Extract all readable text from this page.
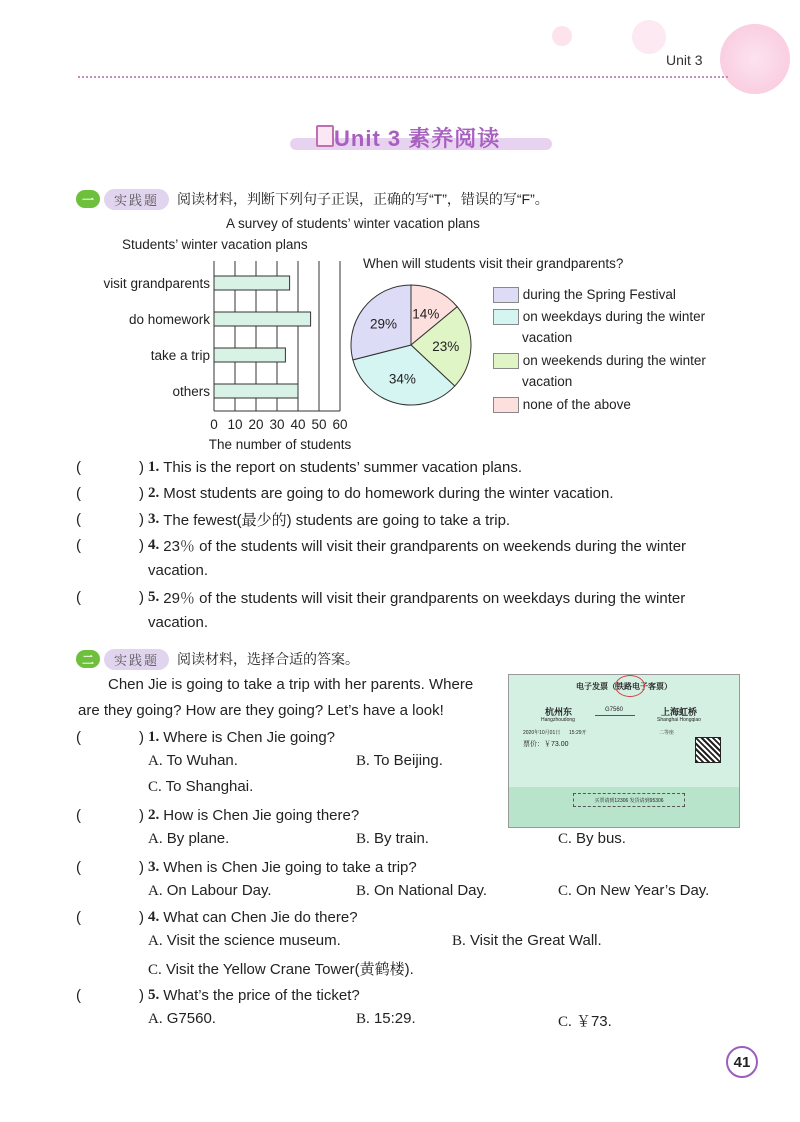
Unit 3
Unit 3 素养阅读
一	实践题	阅读材料，判断下列句子正误，正确的写“T”，错误的写“F”。
A survey of students’ winter vacation plans
Students’ winter vacation plans
When will students visit their grandparents?
visit grandparents
do homework
take a trip
others
0 10 20 30 40 50 60
The number of students
14%
23%
34%
29%
during the Spring Festival
on weekdays during the winter
vacation
on weekends during the winter
vacation
none of the above
(	) 1. This is the report on students’ summer vacation plans.
(	) 2. Most students are going to do homework during the winter vacation.
(	) 3. The fewest(最少的) students are going to take a trip.
(	) 4. 23％ of the students will visit their grandparents on weekends during the winter
vacation.
(	) 5. 29％ of the students will visit their grandparents on weekdays during the winter
vacation.
二	实践题	阅读材料，选择合适的答案。
Chen Jie is going to take a trip with her parents. Where
are they going? How are they going? Let’s have a look!
电子发票（铁路电子客票）
杭州东
Hangzhoudong
G7560	上海虹桥
Shanghai Hongqiao
2020年10月01日 15:29开	二等座
票价：￥73.00
买票请到12306 发货请到95306
(	) 1. Where is Chen Jie going?
A. To Wuhan.	B. To Beijing.
C. To Shanghai.
(	) 2. How is Chen Jie going there?
A. By plane.	B. By train.	C. By bus.
(	) 3. When is Chen Jie going to take a trip?
A. On Labour Day.	B. On National Day.	C. On New Year’s Day.
(	) 4. What can Chen Jie do there?
A. Visit the science museum.	B. Visit the Great Wall.
C. Visit the Yellow Crane Tower(黄鹤楼).
(	) 5. What’s the price of the ticket?
A. G7560.	B. 15:29.	C. ￥73.
41
